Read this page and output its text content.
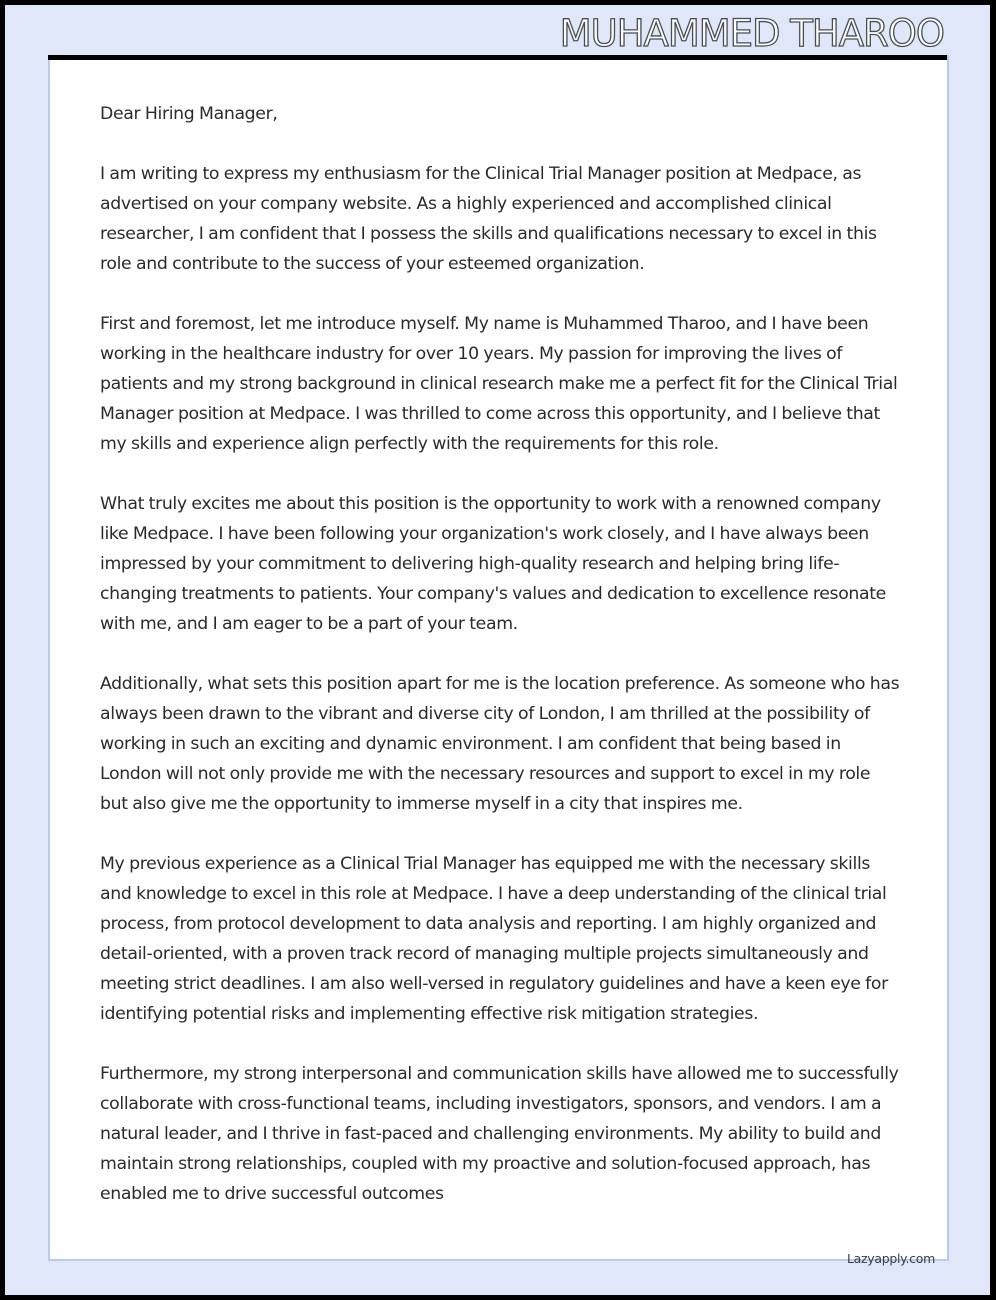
MUHAMMED THAROO

Dear Hiring Manager,

I am writing to express my enthusiasm for the Clinical Trial Manager position at Medpace, as advertised on your company website. As a highly experienced and accomplished clinical researcher, I am confident that I possess the skills and qualifications necessary to excel in this role and contribute to the success of your esteemed organization.

First and foremost, let me introduce myself. My name is Muhammed Tharoo, and I have been working in the healthcare industry for over 10 years. My passion for improving the lives of patients and my strong background in clinical research make me a perfect fit for the Clinical Trial Manager position at Medpace. I was thrilled to come across this opportunity, and I believe that my skills and experience align perfectly with the requirements for this role.

What truly excites me about this position is the opportunity to work with a renowned company like Medpace. I have been following your organization's work closely, and I have always been impressed by your commitment to delivering high-quality research and helping bring life-changing treatments to patients. Your company's values and dedication to excellence resonate with me, and I am eager to be a part of your team.

Additionally, what sets this position apart for me is the location preference. As someone who has always been drawn to the vibrant and diverse city of London, I am thrilled at the possibility of working in such an exciting and dynamic environment. I am confident that being based in London will not only provide me with the necessary resources and support to excel in my role but also give me the opportunity to immerse myself in a city that inspires me.

My previous experience as a Clinical Trial Manager has equipped me with the necessary skills and knowledge to excel in this role at Medpace. I have a deep understanding of the clinical trial process, from protocol development to data analysis and reporting. I am highly organized and detail-oriented, with a proven track record of managing multiple projects simultaneously and meeting strict deadlines. I am also well-versed in regulatory guidelines and have a keen eye for identifying potential risks and implementing effective risk mitigation strategies.

Furthermore, my strong interpersonal and communication skills have allowed me to successfully collaborate with cross-functional teams, including investigators, sponsors, and vendors. I am a natural leader, and I thrive in fast-paced and challenging environments. My ability to build and maintain strong relationships, coupled with my proactive and solution-focused approach, has enabled me to drive successful outcomes

Lazyapply.com
